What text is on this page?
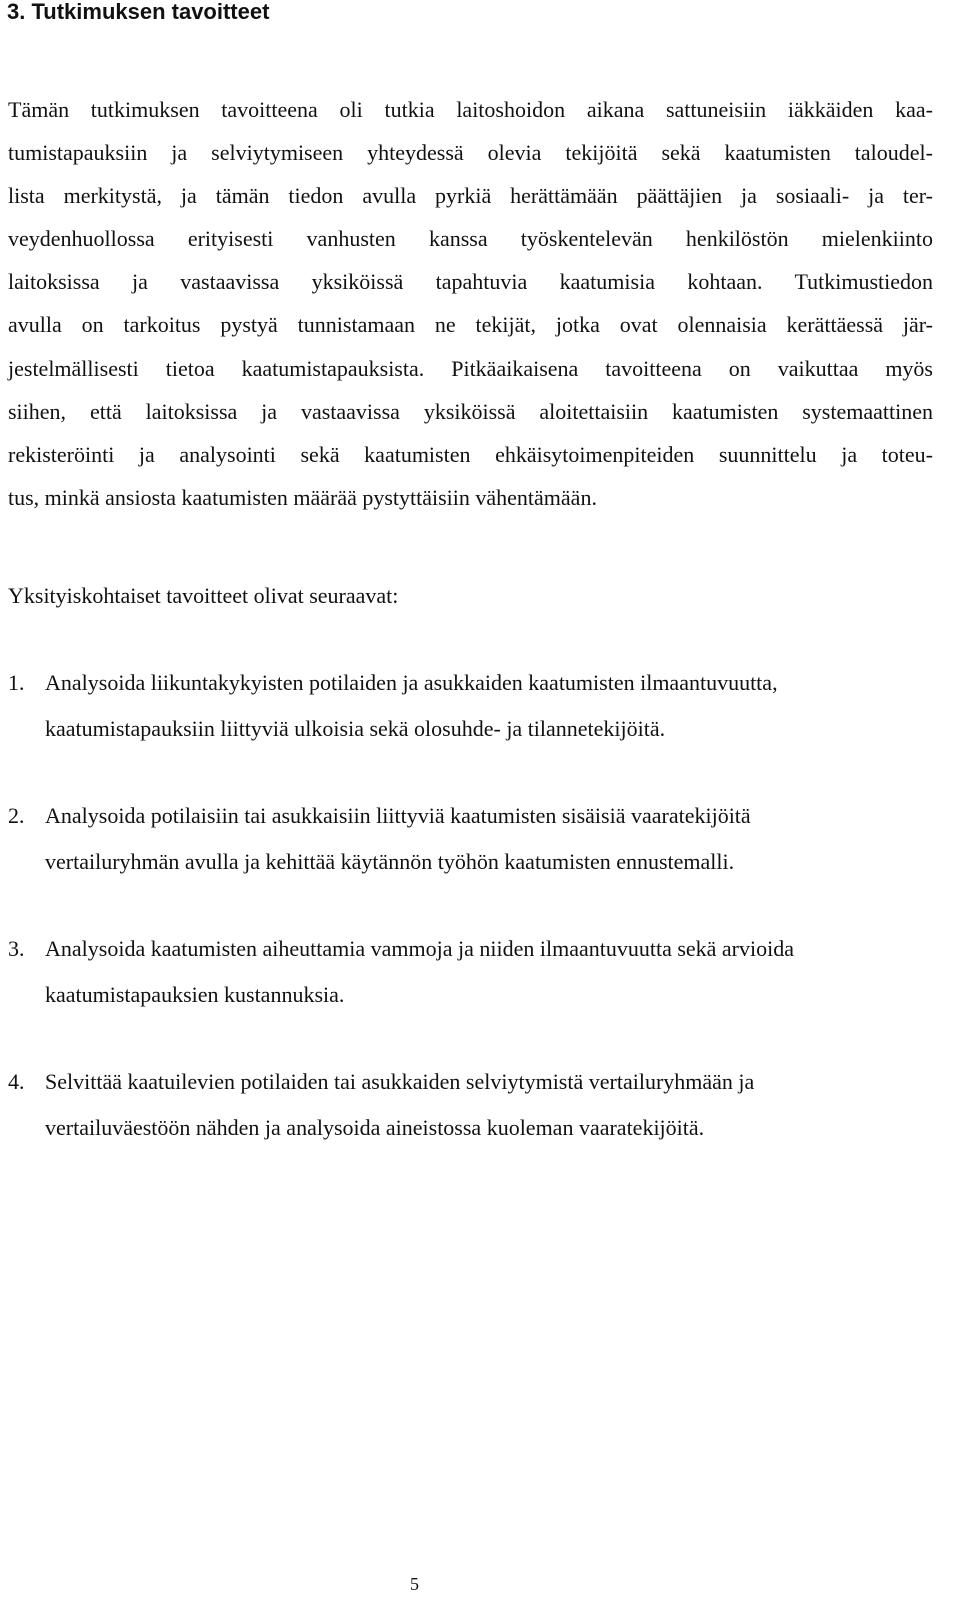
3. Tutkimuksen tavoitteet
Tämän tutkimuksen tavoitteena oli tutkia laitoshoidon aikana sattuneisiin iäkkäiden kaa-
tumistapauksiin ja selviytymiseen yhteydessä olevia tekijöitä sekä kaatumisten taloudel-
lista merkitystä, ja tämän tiedon avulla pyrkiä herättämään päättäjien ja sosiaali- ja ter-
veydenhuollossa erityisesti vanhusten kanssa työskentelevän henkilöstön mielenkiinto
laitoksissa ja vastaavissa yksiköissä tapahtuvia kaatumisia kohtaan. Tutkimustiedon
avulla on tarkoitus pystyä tunnistamaan ne tekijät, jotka ovat olennaisia kerättäessä jär-
jestelmällisesti tietoa kaatumistapauksista. Pitkäaikaisena tavoitteena on vaikuttaa myös
siihen, että laitoksissa ja vastaavissa yksiköissä aloitettaisiin kaatumisten systemaattinen
rekisteröinti ja analysointi sekä kaatumisten ehkäisytoimenpiteiden suunnittelu ja toteu-
tus, minkä ansiosta kaatumisten määrää pystyttäisiin vähentämään.

Yksityiskohtaiset tavoitteet olivat seuraavat:

1. Analysoida liikuntakykyisten potilaiden ja asukkaiden kaatumisten ilmaantuvuutta,
kaatumistapauksiin liittyviä ulkoisia sekä olosuhde- ja tilannetekijöitä.
2. Analysoida potilaisiin tai asukkaisiin liittyviä kaatumisten sisäisiä vaaratekijöitä
vertailuryhmän avulla ja kehittää käytännön työhön kaatumisten ennustemalli.
3. Analysoida kaatumisten aiheuttamia vammoja ja niiden ilmaantuvuutta sekä arvioida
kaatumistapauksien kustannuksia.
4. Selvittää kaatuilevien potilaiden tai asukkaiden selviytymistä vertailuryhmään ja
vertailuväestöön nähden ja analysoida aineistossa kuoleman vaaratekijöitä.
5
